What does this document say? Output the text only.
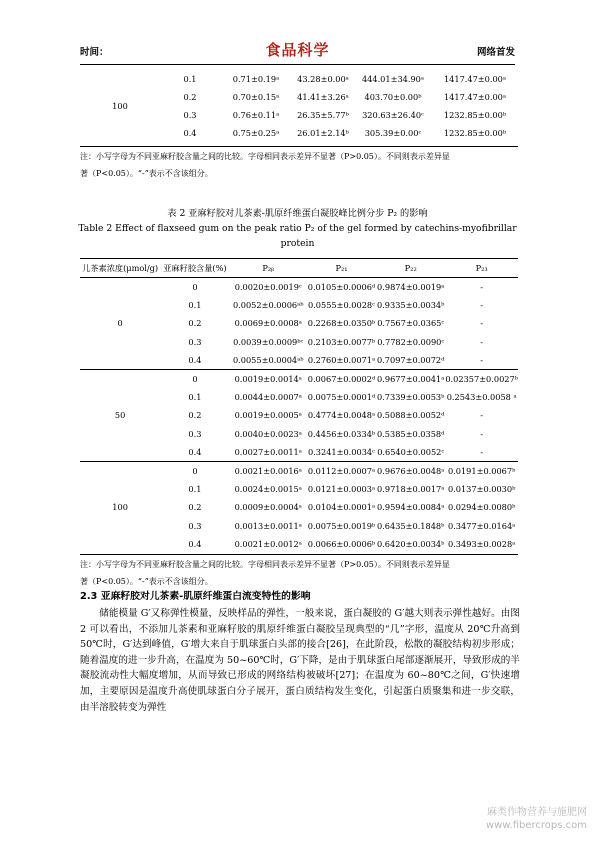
时间：	食品科学	网络首发
100	0.1	0.71±0.19ᵃ	43.28±0.00ᵃ	444.01±34.90ᵃ	1417.47±0.00ᵃ
	0.2	0.70±0.15ᵃ	41.41±3.26ᵃ	403.70±0.00ᵇ	1417.47±0.00ᵃ
	0.3	0.76±0.11ᵃ	26.35±5.77ᵇ	320.63±26.40ᶜ	1232.85±0.00ᵇ
	0.4	0.75±0.25ᵃ	26.01±2.14ᵇ	305.39±0.00ᶜ	1232.85±0.00ᵇ
注：小写字母为不同亚麻籽胶含量之间的比较。字母相同表示差异不显著（P>0.05）。不同则表示差异显
著（P<0.05）。“-”表示不含该组分。
表 2 亚麻籽胶对儿茶素-肌原纤维蛋白凝胶峰比例分步 P₂ 的影响
Table 2 Effect of flaxseed gum on the peak ratio P₂ of the gel formed by catechins-myofibrillar
protein
儿茶素浓度(μmol/g)	亚麻籽胶含量(%)	P₂ᵦ	P₂₁	P₂₂	P₂₃
0	0	0.0020±0.0019ᶜ	0.0105±0.0006ᵈ	0.9874±0.0019ᵃ	-
	0.1	0.0052±0.0006ᵃᵇ	0.0555±0.0028ᶜ	0.9335±0.0034ᵇ	-
	0.2	0.0069±0.0008ᵃ	0.2268±0.0350ᵇ	0.7567±0.0365ᶜ	-
	0.3	0.0039±0.0009ᵇᶜ	0.2103±0.0077ᵇ	0.7782±0.0090ᶜ	-
	0.4	0.0055±0.0004ᵃᵇ	0.2760±0.0071ᵃ	0.7097±0.0072ᵈ	-
50	0	0.0019±0.0014ᵃ	0.0067±0.0002ᵈ	0.9677±0.0041ᵃ	0.02357±0.0027ᵇ
	0.1	0.0044±0.0007ᵃ	0.0075±0.0001ᵈ	0.7339±0.0053ᵇ	0.2543±0.0058 ᵃ
	0.2	0.0019±0.0005ᵃ	0.4774±0.0048ᵃ	0.5088±0.0052ᵈ	-
	0.3	0.0040±0.0023ᵃ	0.4456±0.0334ᵇ	0.5385±0.0358ᵈ	-
	0.4	0.0027±0.0011ᵃ	0.3241±0.0034ᶜ	0.6540±0.0052ᶜ	-
100	0	0.0021±0.0016ᵃ	0.0112±0.0007ᵃ	0.9676±0.0048ᵃ	0.0191±0.0067ᵇ
	0.1	0.0024±0.0015ᵃ	0.0121±0.0003ᵃ	0.9718±0.0017ᵃ	0.0137±0.0030ᵇ
	0.2	0.0009±0.0004ᵃ	0.0104±0.0001ᵃ	0.9594±0.0084ᵃ	0.0294±0.0080ᵇ
	0.3	0.0013±0.0011ᵃ	0.0075±0.0019ᵇ	0.6435±0.1848ᵇ	0.3477±0.0164ᵃ
	0.4	0.0021±0.0012ᵃ	0.0066±0.0006ᵇ	0.6420±0.0034ᵇ	0.3493±0.0028ᵃ
注：小写字母为不同亚麻籽胶含量之间的比较。字母相同表示差异不显著（P>0.05）。不同则表示差异显
著（P<0.05）。“-”表示不含该组分。
2.3 亚麻籽胶对儿茶素-肌原纤维蛋白流变特性的影响

储能模量 G′又称弹性模量，反映样品的弹性，一般来说，蛋白凝胶的 G′越大则表示弹性越好。由图 2 可以看出，不添加儿茶素和亚麻籽胶的肌原纤维蛋白凝胶呈现典型的“几”字形，温度从 20℃升高到 50℃时，G′达到峰值，G′增大来自于肌球蛋白头部的接合[26]，在此阶段，松散的凝胶结构初步形成；随着温度的进一步升高，在温度为 50~60℃时，G′下降，是由于肌球蛋白尾部逐渐展开，导致形成的半凝胶流动性大幅度增加，从而导致已形成的网络结构被破坏[27]；在温度为 60~80℃之间，G′快速增加，主要原因是温度升高使肌球蛋白分子展开，蛋白质结构发生变化，引起蛋白质聚集和进一步交联，由半溶胶转变为弹性

麻类作物营养与施肥网
www.fibercrops.com
